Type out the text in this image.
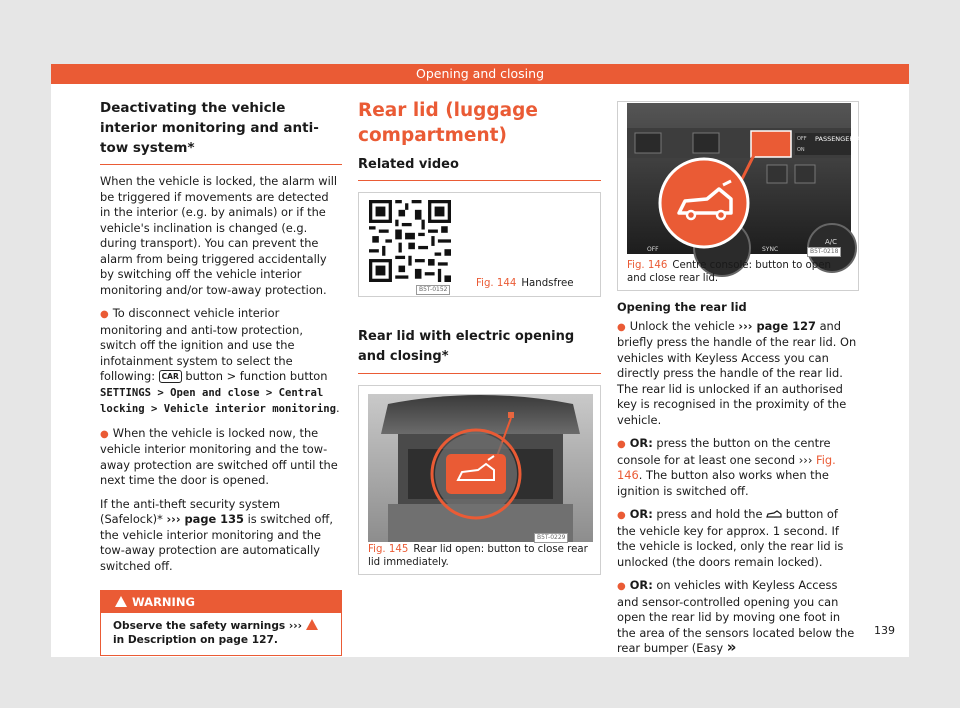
Opening and closing
Deactivating the vehicle interior monitoring and anti-tow system*

When the vehicle is locked, the alarm will be triggered if movements are detected in the interior (e.g. by animals) or if the vehicle's inclination is changed (e.g. during transport). You can prevent the alarm from being triggered accidentally by switching off the vehicle interior monitoring and/or tow-away protection.

● To disconnect vehicle interior monitoring and anti-tow protection, switch off the ignition and use the infotainment system to select the following: CAR button > function button SETTINGS > Open and close > Central locking > Vehicle interior monitoring.

● When the vehicle is locked now, the vehicle interior monitoring and the tow-away protection are switched off until the next time the door is opened.

If the anti-theft security system (Safelock)* ››› page 135 is switched off, the vehicle interior monitoring and the tow-away protection are automatically switched off.

WARNING
Observe the safety warnings ›››  in Description on page 127.
Rear lid (luggage compartment)
Related video
B5T-0152
Fig. 144 Handsfree
Rear lid with electric opening and closing*
B5T-0229
Fig. 145 Rear lid open: button to close rear lid immediately.
PASSENGER AIR BAG
OFF
ON
OFF	SYNC
A/C
B5T-0218
Fig. 146 Centre console: button to open and close rear lid.

Opening the rear lid

● Unlock the vehicle ››› page 127 and briefly press the handle of the rear lid. On vehicles with Keyless Access you can directly press the handle of the rear lid. The rear lid is unlocked if an authorised key is recognised in the proximity of the vehicle.

● OR: press the button on the centre console for at least one second ››› Fig. 146. The button also works when the ignition is switched off.

● OR: press and hold the button of the vehicle key for approx. 1 second. If the vehicle is locked, only the rear lid is unlocked (the doors remain locked).

● OR: on vehicles with Keyless Access and sensor-controlled opening you can open the rear lid by moving one foot in the area of the sensors located below the rear bumper (Easy »

139
